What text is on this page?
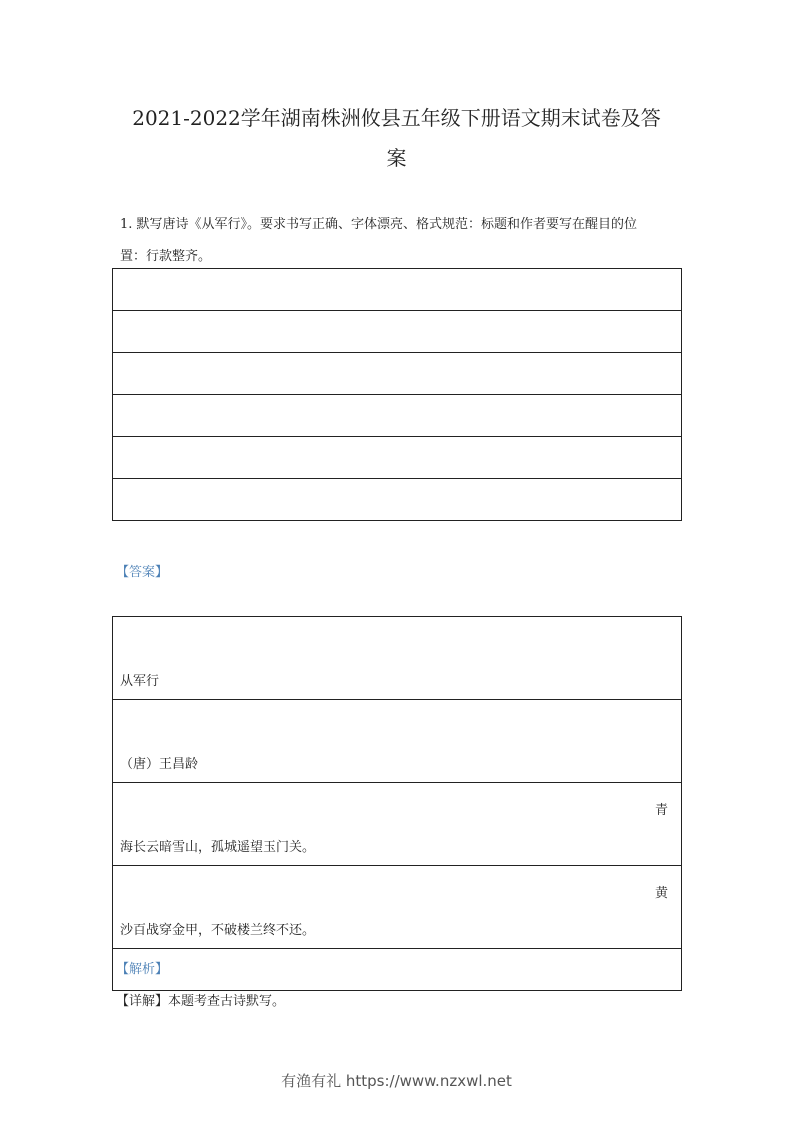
2021-2022学年湖南株洲攸县五年级下册语文期末试卷及答
案
1. 默写唐诗《从军行》。要求书写正确、字体漂亮、格式规范：标题和作者要写在醒目的位
置：行款整齐。

【答案】
从军行
（唐）王昌龄

青
海长云暗雪山，孤城遥望玉门关。

黄
沙百战穿金甲，不破楼兰终不还。

【解析】
【详解】本题考查古诗默写。
有渔有礼 https://www.nzxwl.net
